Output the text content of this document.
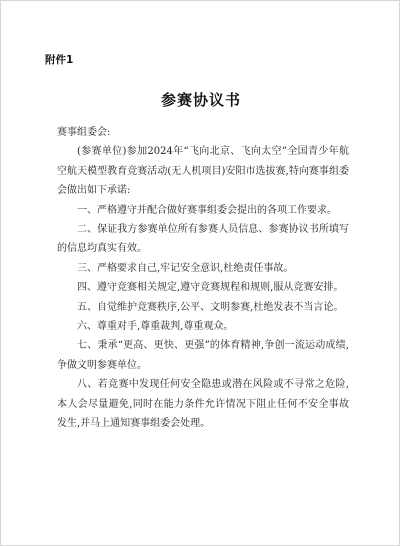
附件1
参赛协议书

赛事组委会:

(参赛单位)参加2024年“飞向北京、飞向太空”全国青少年航空航天模型教育竞赛活动(无人机项目)安阳市选拔赛,特向赛事组委会做出如下承诺:

一、严格遵守并配合做好赛事组委会提出的各项工作要求。

二、保证我方参赛单位所有参赛人员信息、参赛协议书所填写的信息均真实有效。

三、严格要求自己,牢记安全意识,杜绝责任事故。

四、遵守竞赛相关规定,遵守竞赛规程和规则,服从竞赛安排。

五、自觉维护竞赛秩序,公平、文明参赛,杜绝发表不当言论。

六、尊重对手,尊重裁判,尊重观众。

七、秉承“更高、更快、更强”的体育精神,争创一流运动成绩,争做文明参赛单位。

八、若竞赛中发现任何安全隐患或潜在风险或不寻常之危险,本人会尽量避免,同时在能力条件允许情况下阻止任何不安全事故发生,并马上通知赛事组委会处理。
